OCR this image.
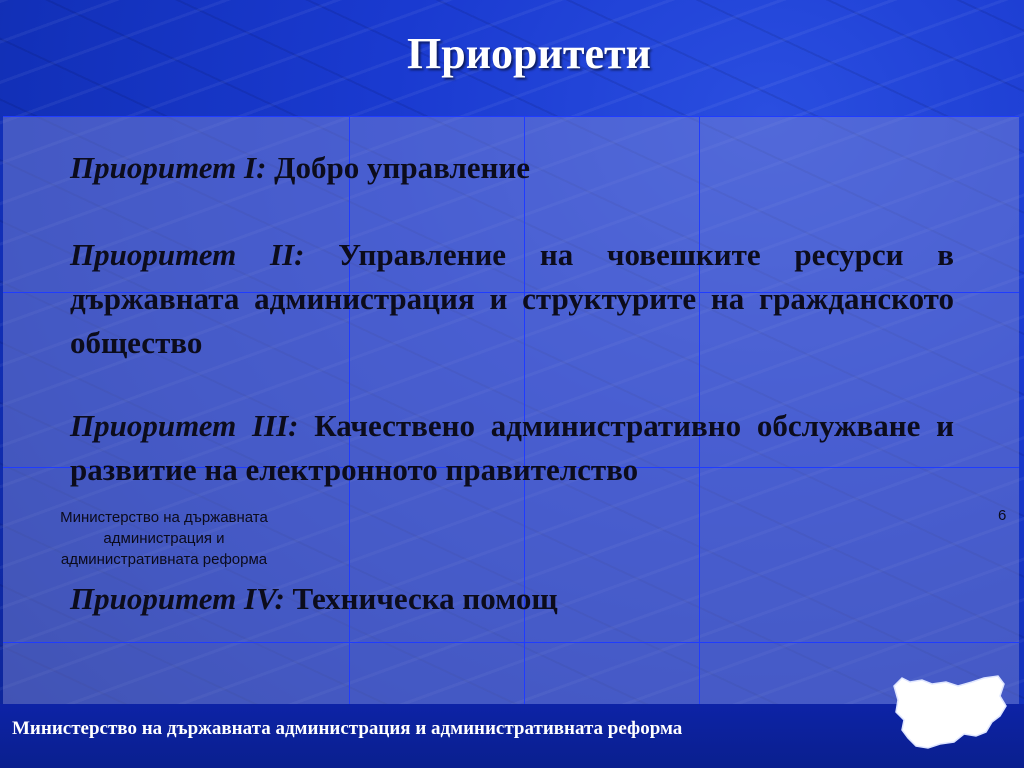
Приоритети

Приоритет I: Добро управление

Приоритет II: Управление на човешките ресурси в държавната администрация и структурите на гражданското общество

Приоритет III: Качествено административно обслужване и развитие на електронното правителство

Приоритет IV: Техническа помощ

Министерство на държавната
администрация и
административната реформа
6
Министерство на държавната администрация и административната реформа
